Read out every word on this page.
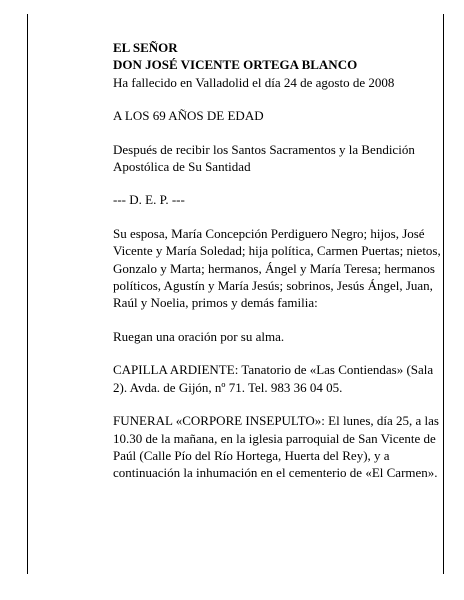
EL SEÑOR

DON JOSÉ VICENTE ORTEGA BLANCO

Ha fallecido en Valladolid el día 24 de agosto de 2008

A LOS 69 AÑOS DE EDAD

Después de recibir los Santos Sacramentos y la Bendición Apostólica de Su Santidad

--- D. E. P. ---

Su esposa, María Concepción Perdiguero Negro; hijos, José Vicente y María Soledad; hija política, Carmen Puertas; nietos, Gonzalo y Marta; hermanos, Ángel y María Teresa; hermanos políticos, Agustín y María Jesús; sobrinos, Jesús Ángel, Juan, Raúl y Noelia, primos y demás familia:

Ruegan una oración por su alma.

CAPILLA ARDIENTE: Tanatorio de «Las Contiendas» (Sala 2). Avda. de Gijón, nº 71. Tel. 983 36 04 05.

FUNERAL «CORPORE INSEPULTO»: El lunes, día 25, a las 10.30 de la mañana, en la iglesia parroquial de San Vicente de Paúl (Calle Pío del Río Hortega, Huerta del Rey), y a continuación la inhumación en el cementerio de «El Carmen».
